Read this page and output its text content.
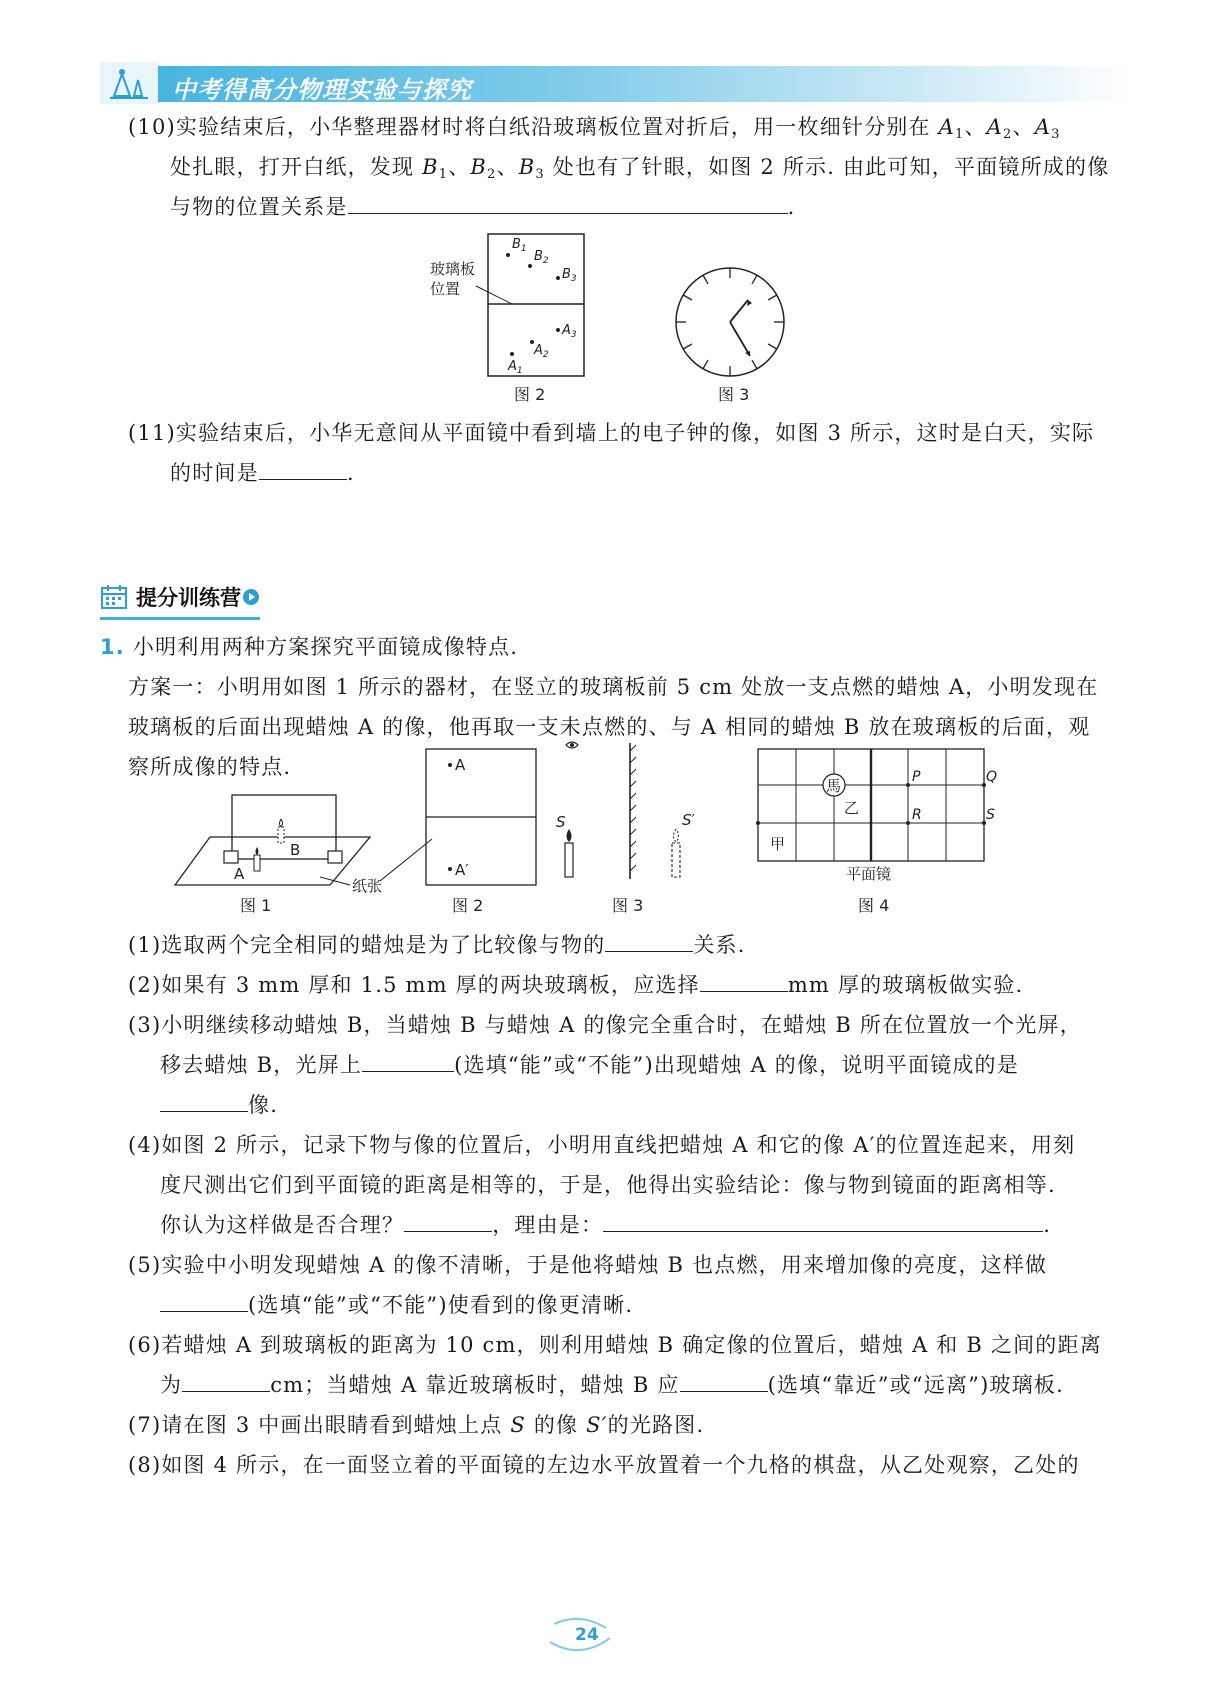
中考得高分物理实验与探究
(10)实验结束后，小华整理器材时将白纸沿玻璃板位置对折后，用一枚细针分别在 $A_1$、$A_2$、$A_3$
处扎眼，打开白纸，发现 $B_1$、$B_2$、$B_3$ 处也有了针眼，如图 2 所示. 由此可知，平面镜所成的像
与物的位置关系是	.
玻璃板
位置
$B_1$ $B_2$
$B_3$
$A_3$
$A_2$
$A_1$
图 2	图 3
(11)实验结束后，小华无意间从平面镜中看到墙上的电子钟的像，如图 3 所示，这时是白天，实际
的时间是	.
提分训练营
1. 小明利用两种方案探究平面镜成像特点.
方案一：小明用如图 1 所示的器材，在竖立的玻璃板前 5 cm 处放一支点燃的蜡烛 A，小明发现在
玻璃板的后面出现蜡烛 A 的像，他再取一支未点燃的、与 A 相同的蜡烛 B 放在玻璃板的后面，观
察所成像的特点.
A
B
纸张
图 1
A
A′
图 2
S	S′
图 3
馬
乙
甲
P	Q
R	S
平面镜
图 4
(1)选取两个完全相同的蜡烛是为了比较像与物的	关系.
(2)如果有 3 mm 厚和 1.5 mm 厚的两块玻璃板，应选择	mm 厚的玻璃板做实验.
(3)小明继续移动蜡烛 B，当蜡烛 B 与蜡烛 A 的像完全重合时，在蜡烛 B 所在位置放一个光屏，
移去蜡烛 B，光屏上	(选填“能”或“不能”)出现蜡烛 A 的像，说明平面镜成的是
像.
(4)如图 2 所示，记录下物与像的位置后，小明用直线把蜡烛 A 和它的像 A′的位置连起来，用刻
度尺测出它们到平面镜的距离是相等的，于是，他得出实验结论：像与物到镜面的距离相等.
你认为这样做是否合理？	，理由是：	.
(5)实验中小明发现蜡烛 A 的像不清晰，于是他将蜡烛 B 也点燃，用来增加像的亮度，这样做
(选填“能”或“不能”)使看到的像更清晰.
(6)若蜡烛 A 到玻璃板的距离为 10 cm，则利用蜡烛 B 确定像的位置后，蜡烛 A 和 B 之间的距离
为	cm；当蜡烛 A 靠近玻璃板时，蜡烛 B 应	(选填“靠近”或“远离”)玻璃板.
(7)请在图 3 中画出眼睛看到蜡烛上点 S 的像 S′的光路图.
(8)如图 4 所示，在一面竖立着的平面镜的左边水平放置着一个九格的棋盘，从乙处观察，乙处的
24
